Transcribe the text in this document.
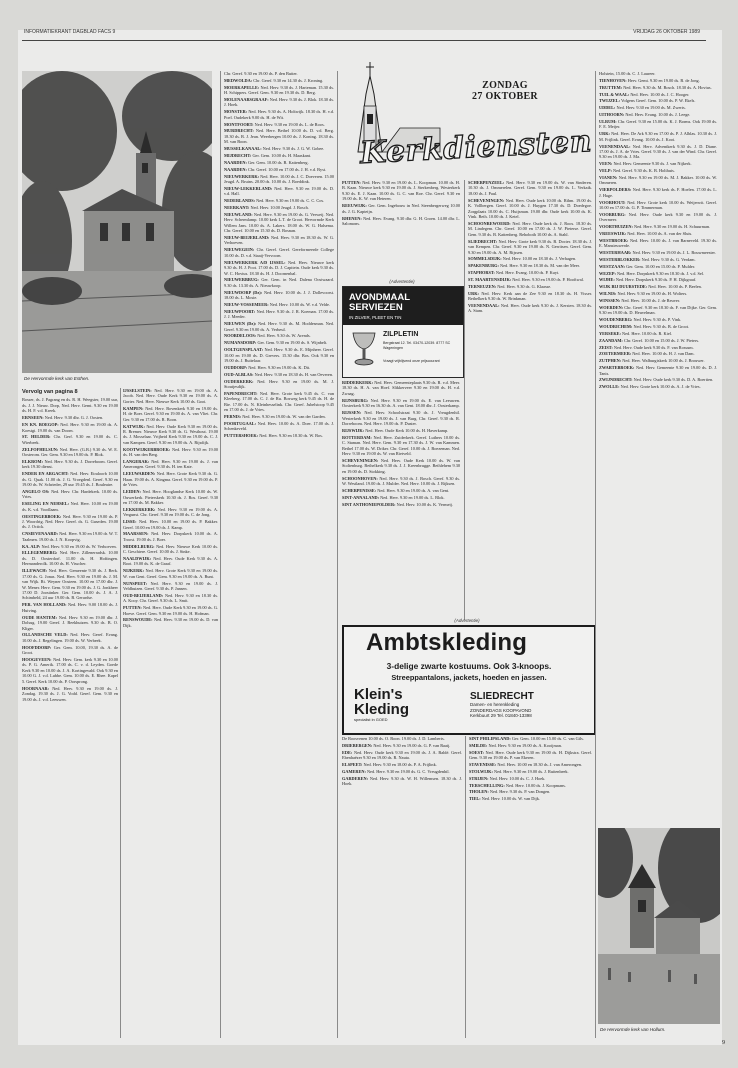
INFORMATIEKRANT DAGBLAD FACS 9	VRIJDAG 26 OKTOBER 1989
De Hervormde kerk van Esthen.
Vervolg van pagina 8

Bosser, ds. J. Pagrang en ds. R. H. Weegster, 19.00 uur, ds. J. J. Nieuw. Dorp, Ned. Herv. Gemt. 9.30 en 19.00 ds. H. F. v.d. Kreek.

ERNSEEN: Ned. Herv. 9.30 dhr. G. J. Oosten.

EN KN. BOEGOP: Ned. Herv. 9.30 en 19.00 ds. A. Koestgi. 19.00 ds. van Doorn.

ST. HELDER: Chr. Gerf. 9.30 en 19.00 ds. C. Wierbeek.

ZELFOFHELSUN: Ned. Herv. (G.B.) 9.30 ds. W. E. Oosterom. Ger. Gem. 9.30 en 19.00 ds. P. Blok.

ELKROM: Ned. Herv. 9.30 ds. J. Dorreboom. Geref. kerk 19.30 dienst.

ENDER EN ARGACHT: Ned. Herv. Eiraloorb 10.00 ds. G. Quak. 11.00 ds. J. G. Vroegdenl. Geref. 9.30 en 19.00 ds. W. Schrieder, 29 uur 19.45 ds. J. Bouleaire.

ANGELO OS: Ned. Herv. Chr. Hardekerk. 10.00 ds. Vries.

ESELING EN NEHSEL: Ned. Herv. 10.00 en 19.00 ds. K. v.d. Voodlaam.

OESTINGERBOEK: Ned. Herv. 9.30 en 19.00 ds. P. J. Woordrig. Ned. Herv. Geref. ds. G. Guseden. 19.00 ds. J. Octick.

CNSIEVENAARD: Ned. Herv. 9.30 en 19.00 dr. W. T. Taalmen. 19.00 ds. J. N. Koopvig.

KA. ALP: Ned. Herv. 9.30 en 19.00 ds. W. Verhoeven.

ELLEGEMBERG: Ned. Herv. Zillenerradsk. 10.00 ds. D. Oosterdorf. 11.00 ds. H. Hoftingen. Hermanderolk. 10.00 ds. H. Visscher.

ILLEWACH: Ned. Herv. Gemeente 9.30 ds. J. Berk. 17.00 ds. G. Jonas. Ned. Herv. 9.30 en 19.00 ds. J. M. van Wijk. Rt. Weyner Oosteen. 10.00 en 17.00 dhr. J. W. Mener. Herv. Gem. 9.30 en 19.00 ds. J. G. Jonkheer 17.00 D. Joostinker. Ger. Gem. 10.00 ds. J. A. J. Schimbeld, 24 uur 19.00 ds. B. Gerardse.

PER. VAN HOLLAND: Ned. Herv. 9.00 18.00 ds. J. Huiving.

OUDE HANTEM: Ned. Herv. 9.30 en 19.00 dhr. J. Dolsug. 19.00 Geref. J. Beekhuizen. 9.30 ds. B. O. Kliger.

OLLANDSCHE VELD: Ned. Herv. Geref. Evang. 10.00 ds. J. Regelingen. 19.00 ds. W. Verbeek.

HOOFDDORP: Ger. Gem. 10.00, 19.30 ds. A. de Groot.

HOOGEVEEN: Ned. Herv. Gem. kerk 9.30 en 10.00 ds. P. G. Amerik. 17.00 ds. C. v. d. Leyden. Goede Kerk 9.30 en 10.00 ds. J. A. Kortingevald. Ook 9.30 en 10.00 G. J. v.d. Lubbe. Gem. 10.00 ds. E. Rhee. Kapel 5. Geref. Kerk 10.00 ds. P. Oorsprong.

HOORNAAR: Ned. Herv. 9.30 en 19.00 ds. J. Zondag. 19.30 ds. J. G. Vodd. Geref. Gem. 9.30 en 19.00 ds. J. v.d. Leeuwen.

IJSSELSTEIN: Ned. Herv. 9.30 en 19.00 ds. A. Jacob. Ned. Herv. Oude Kerk 9.30 en 19.00 ds. A. Gorter. Ned. Herv. Nieuwe Kerk 10.00 ds. Gooi.

KAMPEN: Ned. Herv. Bovenkerk 9.30 en 19.00 ds. H. de Boer. Geref. 9.30 en 19.00 ds. A. van Vliet. Chr. Ger. 9.30 en 17.00 ds. R. Boon.

KATWIJK: Ned. Herv. Oude Kerk 9.30 en 19.00 ds. R. Bremer. Nieuwe Kerk 9.30 ds. G. Westhout. 19.00 ds. J. Mosselaar. Vrijheid Kerk 9.30 en 19.00 ds. C. J. van Kampen. Geref. 9.30 en 19.00 ds. A. Rijsdijk.

KOOTWIJKERBROEK: Ned. Herv. 9.30 en 19.00 ds. H. van den Berg.

LANGERAK: Ned. Herv. 9.30 en 19.00 ds. J. van Amerongen. Geref. 9.30 ds. H. ten Kate.

LEEUWARDEN: Ned. Herv. Grote Kerk 9.30 ds. G. Haan. 19.00 ds. A. Kingma. Geref. 9.30 en 19.00 ds. P. de Vries.

LEIDEN: Ned. Herv. Hooglandse Kerk 10.00 ds. W. Ouwerkerk. Pieterskerk 10.30 ds. J. Bos. Geref. 9.30 en 17.00 ds. M. Bakker.

LEKKERKERK: Ned. Herv. 9.30 en 19.00 ds. A. Vergunst. Chr. Geref. 9.30 en 19.00 ds. C. de Jong.

LISSE: Ned. Herv. 10.00 en 19.00 ds. P. Bakker. Geref. 10.00 en 19.00 ds. J. Kamp.

MAARSSEN: Ned. Herv. Dorpskerk 10.00 ds. A. Troost. 19.00 ds. J. Boer.

MIDDELBURG: Ned. Herv. Nieuwe Kerk 10.00 ds. C. Geschiere. Geref. 10.00 ds. J. Sinke.

NAALDWIJK: Ned. Herv. Oude Kerk 9.30 ds. A. Boot. 19.00 ds. K. de Graaf.

NIJKERK: Ned. Herv. Grote Kerk 9.30 en 19.00 ds. W. van Gent. Geref. Gem. 9.30 en 19.00 ds. A. Bunt.

NUNSPEET: Ned. Herv. 9.30 en 19.00 ds. J. Veldhuizen. Geref. 9.30 ds. P. Jansen.

OUD-BEIJERLAND: Ned. Herv. 9.30 en 18.30 ds. A. Kooy. Chr. Geref. 9.30 ds. L. Smit.

PUTTEN: Ned. Herv. Oude Kerk 9.30 en 19.00 ds. G. Hoeve. Geref. Gem. 9.30 en 19.00 ds. H. Hofman.

RENSWOUDE: Ned. Herv. 9.30 en 19.00 ds. D. van Dijk.

Chr. Geref. 9.30 en 19.00 ds. P. den Butter.

MEDWOLDA: Chr. Geref. 9.30 en 14.30 ds. J. Kroning.

MOERKAPELLE: Ned. Herv. 9.30 ds. J. Harteman. 15.30 ds. H. Schippers. Geref. Gem. 9.30 en 19.30 ds. D. Berg.

MOLENAARSGRAAF: Ned. Herv. 9.30 ds. J. Blok. 18.30 ds. J. Hoek.

MONSTER: Ned. Herv. 9.30 ds. A. Holtwijk. 18.30 ds. H. v.d. Poel. Oudekerk 9.00 ds. H. de Wit.

MONTFOORT: Ned. Herv. 9.30 en 19.00 ds. L. de Roos.

MURDRECHT: Ned. Herv. Bethel 10.00 ds. D. v.d. Berg. 18.30 ds. B. J. Jean. Weerbergen 10.00 ds. J. Koning. 18.30 ds. M. van Boon.

MUSSELKANAAL: Ned. Herv. 9.30 ds. J. G. W. Gobee.

MIJDRECHT: Ger. Gem. 10.00 ds. H. Maaskant.

NAARDEN: Ger. Gem. 10.00 ds. B. Kattenberg.

NAARDEN: Chr. Geref. 10.00 en 17.00 ds. J. H. v.d. Byst.

NIEUWERKERK: Ned. Herv. 10.00 ds. J. C. Doeveren. 15.00 Jeugd. A. Bruins. 20.00 ds. 10.00 ds. J. Boeddink.

NIEUW-LEKKERLAND: Ned. Herv. 9.30 en 19.00 ds. D. v.d. Hall.

NEDERLANDS: Ned. Herv. 9.30 en 19.00 ds. C. C. Cos.

NEERKANT: Ned. Herv. 10.00 Jeugd. J. Bosch.

NIEUWLAND: Ned. Herv. 9.30 en 19.00 ds. G. Verweij. Ned. Herv. Schermlamp. 10.00 kerk L.T. de Groot. Hervormde Kerk Willem Jans. 10.00 ds. A. Lakers. 18.00 ds. W. G. Halsema. Chr. Geref. 10.00 en 15.30 ds. D. Bosnan.

NIEUW-BEIJERLAND: Ned. Herv. 9.30 en 18.30 ds. W. G. Verhoeven.

NIEUWEGEIN: Chr. Geref. Geref. Gereformeerde College 10.00 ds. D. v.d. Staaij-Vervoorn.

NIEUWERKERK A/D IJSSEL: Ned. Herv. Nieuwe kerk 9.30 ds. H. J. Poot. 17.00 ds. D. J. Capitein. Oude kerk 9.30 ds. W. C. Hovius. 18.30 ds. H. J. Doornenbal.

NIEUWERBRUG: Ger. Gem. in Ned. Dalena Oostwaard. 9.30 ds. 13.30 ds. A. Nieuwkoop.

NIEUWDORP (Dz): Ned. Herv. 10.00 ds. J. J. Dollevoorst. 18.00 ds. L. Mosie.

NIEUW-VOSSEMEER: Ned. Herv. 10.00 ds. W. v.d. Velde.

NIEUWPOORT: Ned. Herv. 9.30 ds. J. R. Koeman. 17.00 ds. J. J. Meeder.

NIEUWEN (Dz): Ned. Herv. 9.30 ds. M. Hoddesman. Ned. Geref. 9.30 en 19.00 ds. A. Verheul.

NOORDELOOS: Ned. Herv. 9.30 ds. W. Arends.

NUMANSDORP: Ger. Gem. 9.30 en 19.00 ds. S. Wijnbelt.

OOLTGENSPLAAT: Ned. Herv. 9.30 ds. E. Mijnheer. Geref. 10.00 en 19.00 ds. D. Grevers. 15.30 dhr. Bos. Ook 9.30 en 19.00 ds. J. Buitelaar.

OUDDORP: Ned. Herv. 9.30 en 19.00 ds. K. Dit.

OUD-ALBLAS: Ned. Herv. 9.30 en 18.30 ds. H. van Oeveren.

OUDERKERK: Ned. Herv. 9.30 en 19.00 ds. M. J. Stoutjesdijk.

PAPENDRECHT: Ned. Herv. Grote kerk 9.45 ds. C. van Kleeberg. 17.00 ds. C. J. de Ru. Bosweg kerk 9.45 ds. H. de Bie. 17.00 ds. N. Kleinhesselink. Chr. Geref. Jubelstoop 9.45 en 17.00 ds. J. de Vries.

PERNIS: Ned. Herv. 9.30 en 19.00 ds. W. van der Garden.

POORTUGAAL: Ned. Herv. 10.00 ds. A. Doer. 17.00 ds. J. Schenkeveld.

PUTTERSHOEK: Ned. Herv. 9.30 en 18.30 ds. W. Bos.

ZONDAG
27 OKTOBER
Kerkdiensten

PUTTEN: Ned. Herv. 9.30 en 19.00 ds. L. Koopman. 10.00 ds. H. B. Kaan. Nieuwe kerk 9.30 en 19.00 ds. J. Sterkenberg. Westerkerk 9.30 ds. E. J. Kaan. 10.00 ds. G. C. van Roe. Chr. Geref. 9.30 en 19.00 ds. K. W. van Heteren.

REEUWIJK: Ger. Gem. Ingebouw in Ned. Steenbergerweg 10.00 ds. J. G. Kapteijn.

RHENEN: Ned. Herv. Evang. 9.30 dhr. G. H. Groen. 14.00 dhr. L. Salomons.

SCHERPENZEEL: Ned. Herv. 9.30 en 19.00 ds. W. van Sinderen. 10.30 ds. J. Ommerelen. Geref. Gem. 9.30 en 19.00 ds. L. Verkaik. 18.00 ds. J. Paul.

SCHEVENINGEN: Ned. Herv. Oude kerk 10.00 ds. Rihm. 19.00 ds. K. Vollbergen. Geref. 10.00 ds. J. Huygen 17.30 ds. D. Doedegoe. Zorgplaats 10.00 ds. C. Huijsman. 19.00 dhr. Oude kerk 10.00 ds. K. Vink. Beth. 10.00 ds. J. Ketel.

SCHOONREWOERD: Ned. Herv. Oude kerk ds. J. Roos. 18.30 ds. M. Lindegem. Chr. Geref. 10.00 en 17.00 ds. J. W. Pieterse. Geref. Gem. 9.30 ds. B. Kattenberg. Rehoboth 10.00 ds. A. Stahl.

SLIEDRECHT: Ned. Herv. Grote kerk 9.30 ds. B. Docter. 18.30 ds. J. van Kempen. Chr. Geref. 9.30 en 19.00 ds. N. Gerritsen. Geref. Gem. 9.30 en 19.00 ds. A. M. Rijssen.

SOMMELSDIJK: Ned. Herv. 10.00 en 18.30 ds. J. Verhagen.

SPAKENBURG: Ned. Herv. 9.30 en 18.30 ds. M. van der Meer.

STAPHORST: Ned. Herv. Evang. 10.00 ds. P. Kuyt.

ST. MAARTENSDIJK: Ned. Herv. 9.30 en 19.00 ds. P. Hooftwal.

TERNEUZEN: Ned. Herv. 9.30 ds. G. Klaasse.

URK: Ned. Herv. Kerk aan de Zee 9.30 en 18.30 ds. H. Visser. Bethelkerk 9.30 ds. W. Brinkman.

VEENENDAAL: Ned. Herv. Oude kerk 9.30 ds. J. Kersten. 18.30 ds. A. Stam.

(Advertentie)
AVONDMAAL SERVIEZEN
IN ZILVER, PLEET EN TIN
ZILPLETIN
Bergstraat 12. Tel. 03470-12039. 8777 SC Wageningen
Vraagt vrijblijvend onze prijscourant

RIDDERKERK: Ned. Herv. Gemeenteplaats 9.30 ds. R. v.d. Meer. 18.30 ds. H. A. van Hoef. Slikkerveer 9.30 en 19.00 ds. H. v.d. Zwaag.

RIJNSBURG: Ned. Herv. 9.30 en 19.00 ds. E. van Leeuwen. Oosterkerk 9.30 en 16.30 ds. A. van Gent. 18.00 dhr. J. Oosterkamp.

RIJSSEN: Ned. Herv. Schoolstraat 9.30 ds. J. Vreugdenhil. Westerkerk 9.30 en 19.00 ds. J. van Burg. Chr. Geref. 9.30 ds. R. Dorreboom. Ned. Herv. 19.00 ds. P. Duster.

RIJSWIJK: Ned. Herv. Oude Kerk 10.00 ds. H. Haverkamp.

ROTTERDAM: Ned. Herv. Zuiderkerk. Geref. Luthers 10.00 ds. C. Staman. Ned. Herv. Gem. 9.30 en 17.30 ds. J. W. van Kammen. Bethel 17.00 ds. W. Driker. Chr. Geref. 10.00 ds. J. Boezeman. Ned. Herv. 9.30 en 19.00 ds. W. van Rietveld.

SCHEVENINGEN: Ned. Herv. Oude Kerk 10.00 ds. W. van Stoltenburg. Bethelkerk 9.30 ds. J. J. Kreenbrugge. Bethlehem 9.30 en 19.00 ds. D. Stokking.

SCHOONHOVEN: Ned. Herv. 9.30 ds. J. Bosch. Geref. 9.30 ds. W. Westland. 19.00 ds. J. Mulder. Ned. Herv. 10.00 ds. J. Rijksen.

SCHERPENISSE: Ned. Herv. 9.30 en 19.00 ds. A. van Gent.

SINT-ANNALAND: Ned. Herv. 9.30 en 19.00 ds. L. Blok.

SINT ANTHONIEPOLDER: Ned. Herv. 10.00 ds. K. Vermeij.

(Advertentie)
Ambtskleding
3-delige zwarte kostuums. Ook 3-knoops.
Streeppantalons, jackets, hoeden en jassen.
Klein's Kleding
specialist in GOED
SLIEDRECHT
Damen- en herenkleding
ZONDERDAGS KOOPAVOND
Kerkbuurt 29 Tel. 01840-13398

De Roosvenen 10.00 ds. O. Boon. 19.00 ds. J. D. Lamberts.

DRIEBERGEN: Ned. Herv. 9.30 en 19.00 ds. G. P. van Raaij.

EDE: Ned. Herv. Oude kerk 9.30 en 19.00 ds. J. A. Baldé. Geref. Ebenhaëzer 9.30 en 19.00 ds. R. Nauta.

ELSPEET: Ned. Herv. 9.30 en 18.00 ds. P. A. Frijlink.

GAMEREN: Ned. Herv. 9.30 en 19.00 ds. G. C. Vreugdenhil.

GARDEREN: Ned. Herv. 9.30 ds. W. H. Willemsen. 18.30 ds. J. Hoek.

SINT PHILIPSLAND: Ger. Gem. 10.00 en 15.00 ds. C. van Gils.

SMILDE: Ned. Herv. 9.30 en 19.00 ds. A. Kooijman.

SOEST: Ned. Herv. Oude kerk 9.30 en 19.00 ds. H. Dijkstra. Geref. Gem. 9.30 en 19.00 ds. P. van Ekeren.

STAVENISSE: Ned. Herv. 10.00 en 18.30 ds. J. van Amerongen.

STOLWIJK: Ned. Herv. 9.30 en 19.00 ds. J. Ruitenbeek.

STRIJEN: Ned. Herv. 10.00 ds. C. J. Hoek.

TERSCHELLING: Ned. Herv. 10.00 ds. J. Koopmans.

THOLEN: Ned. Herv. 9.30 ds. P. van Dongen.

TIEL: Ned. Herv. 10.00 ds. W. van Dijk.

Holstein, 15.00 ds. C. J. Laureer.

TIENHOVEN: Herv. Gemt. 9.30 en 19.00 ds. B. de Jong.

TRUTTEM: Ned. Herv. 9.30 ds. M. Bosch. 18.30 ds. A. Hovius.

TUIL & WAAL: Ned. Herv. 10.00 ds. J. C. Hooger.

TWIJZEL: Volgens Geref. Gem. 10.00 ds. P. W. Ekels.

UDDEL: Ned. Herv. 9.30 en 19.00 ds. M. Zwerts.

UITHOORN: Ned. Herv. Evang. 10.00 ds. J. Leege.

ULRUM: Chr. Geref. 9.30 en 15.00 ds. K. J. Borms. Ook 19.00 ds. F. E. Meijer.

URK: Ned. Herv. De Ark 9.30 en 17.00 ds. P. J. Alblas. 10.30 ds. J. M. Frijlink. Geref. Evang. 10.00 ds. J. Kooi.

VEENENDAAL: Ned. Herv. Adventkerk 9.30 ds. J. D. Diane. 17.00 ds. J. A. de Vries. Geref. 9.30 ds. J. van der Wind. Chr. Geref. 9.30 en 19.00 ds. J. Ma.

VEEN: Ned. Herv. Gemeente 9.30 ds. J. van Nijkerk.

VELP: Ned. Geref. 9.30 ds. K. B. Holthuis.

VIANEN: Ned. Herv. 9.30 en 19.00 ds. M. J. Bakker. 10.00 ds. W. Ommeren.

VIERPOLDERS: Ned. Herv. 9.30 kerk ds. F. Hoelen. 17.00 ds. L. J. Hage.

VOORHOUT: Ned. Herv. Grote kerk 10.00 ds. Weijerwit. Geref. 10.00 en 17.00 ds. G. P. Timmerman.

VOORBURG: Ned. Herv. Oude kerk 9.30 en 19.00 ds. J. Overmeer.

VOORTHUIZEN: Ned. Herv. 9.30 en 19.00 ds. H. Schuurman.

VREESWIJK: Ned. Herv. 10.00 ds. A. van der Sluis.

WESTBROEK: Ned. Herv. 10.00 ds. J. van Barneveld. 19.30 ds. E. Mansieuwerde.

WESTERHAAR: Ned. Herv. 9.30 en 19.00 ds. J. L. Bouwmeester.

WESTERBLOKKER: Ned. Herv. 9.30 ds. G. Verdam.

WESTZAAN: Ger. Gem. 10.00 en 15.00 ds. P. Mulder.

WEZEP: Ned. Herv. Dorpskerk 9.30 en 18.30 ds. J. v.d. Sel.

WIJHE: Ned. Herv. Dorpskerk 9.30 ds. P. H. Dijkgraaf.

WIJK BIJ DUURSTEDE: Ned. Herv. 10.00 ds. P. Beelen.

WILNIS: Ned. Herv. 9.30 en 19.00 ds. H. Wolters.

WINSSEN: Ned. Herv. 10.00 ds. J. de Reuver.

WOERDEN: Chr. Geref. 9.30 en 18.30 ds. F. van Dijke. Ger. Gem. 9.30 en 19.00 ds. D. Heuvelman.

WOUDENBERG: Ned. Herv. 9.30 ds. P. Vink.

WOUDRICHEM: Ned. Herv. 9.30 ds. B. de Groot.

YERSEKE: Ned. Herv. 10.00 ds. R. Kiel.

ZAANDAM: Chr. Geref. 10.00 en 15.00 ds. J. W. Pieters.

ZEIST: Ned. Herv. Oude kerk 9.30 ds. F. van Rossum.

ZOETERMEER: Ned. Herv. 10.00 ds. H. J. van Dam.

ZUTPHEN: Ned. Herv. Walburgiskerk 10.00 ds. J. Brouwer.

ZWARTEBROEK: Ned. Herv. Gemeente 9.30 en 19.00 ds. D. J. Tanis.

ZWIJNDRECHT: Ned. Herv. Oude kerk 9.30 ds. D. A. Boertien.

ZWOLLE: Ned. Herv. Grote kerk 10.00 ds. A. J. de Vries.

De Hervormde kerk van Hollum.
9
